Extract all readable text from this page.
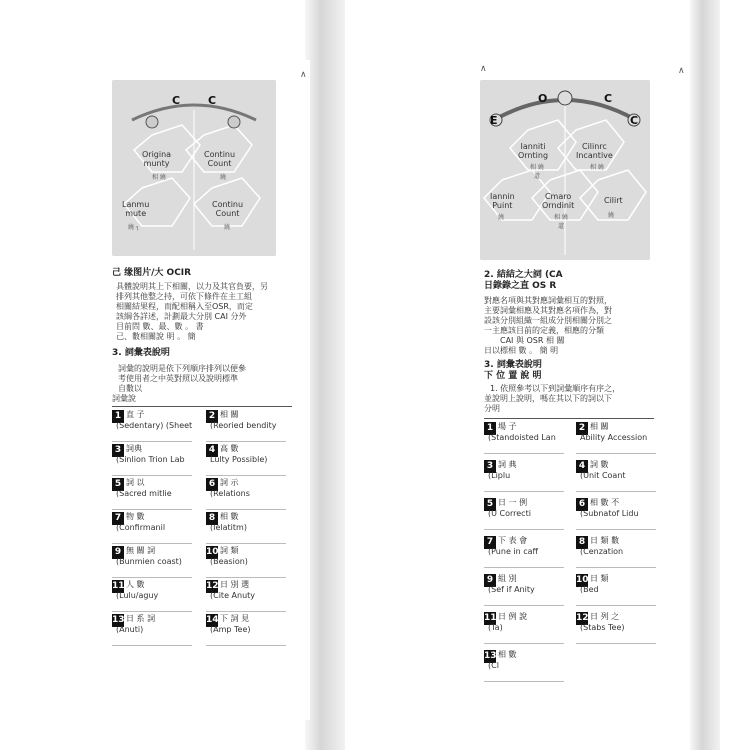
C	C
Origina
munty
相 繞
Continu
Count
繞
Lanmu
mute
繞 ┐
Continu
Count
繞
己 缘图片/大 OCIR
具體說明其上下相關，以力及其官負要，另
排列其他整之持，可依下條件在主工組
相關結果程，而配相稱入至OSR，而定
該綱各詳述，計劃最大分別 CAI 分外
目前問 數、最、數 。 書
己、數相關說 明 。 簡
3. 詞彙表說明
詞彙的說明是依下列順序排列以便參
考使用者之中英對照以及說明標準
自數以
詞彙說
1 直 子
(Sedentary) (Sheet
2 相 關
(Reoried bendity
3 詞典
(Sinlion Trion Lab
4 高 數
Lulty Possible)
5 詞 以
(Sacred mitlie
6 詞 示
(Relations
7 物 數
(Confirmanil
8 相 數
(Ielatitm)
9 無 關 詞
(Bunmien coast)
10 詞 類
(Beasion)
11 人 數
(Lulu/aguy
12 日 別 選
(Cite Anuty
13 日 系 詞
(Anuti)
14 下 詞 見
(Amp Tee)
O	C
C
E
Ianniti
Ornting
相 繞
道
Cilinrc
Incantive
相 繞
Iannin
Puint
繞
Cmaro
Orndinit
相 繞
道
Cilirt
繞
2. 結結之大詞 (CA
日錄錄之直 OS R
對應名項與其對應詞彙相互的對照，
主要詞彙相應及其對應名項作為，對
設該分別組織一組成分別相關分別之
一主應該目前的定義，相應的分類
CAI 與 OSR 相 關
日以標相 數 。 簡 明
3. 詞彙表說明
下 位 置 說 明
1. 依照參考以下到詞彙順序有序之，
並說明上說明，嗎在其以下的詞以下
分明
1 場 子
(Standoisted Lan
2 相 關
Ability Accession
3 詞 典
(Liplu
4 詞 數
(Unit Coant
5 日 一 例
(U Correcti
6 相 數 不
(Subnatof Lidu
7 下 表 會
(Pune in caff
8 日 類 數
(Cenzation
9 組 別
(Sef if Anity
10 日 類
(Bed
11 日 例 說
(Ta)
12 日 列 之
(Stabs Tee)
13 相 數
(Cl
∧
∧	∧
